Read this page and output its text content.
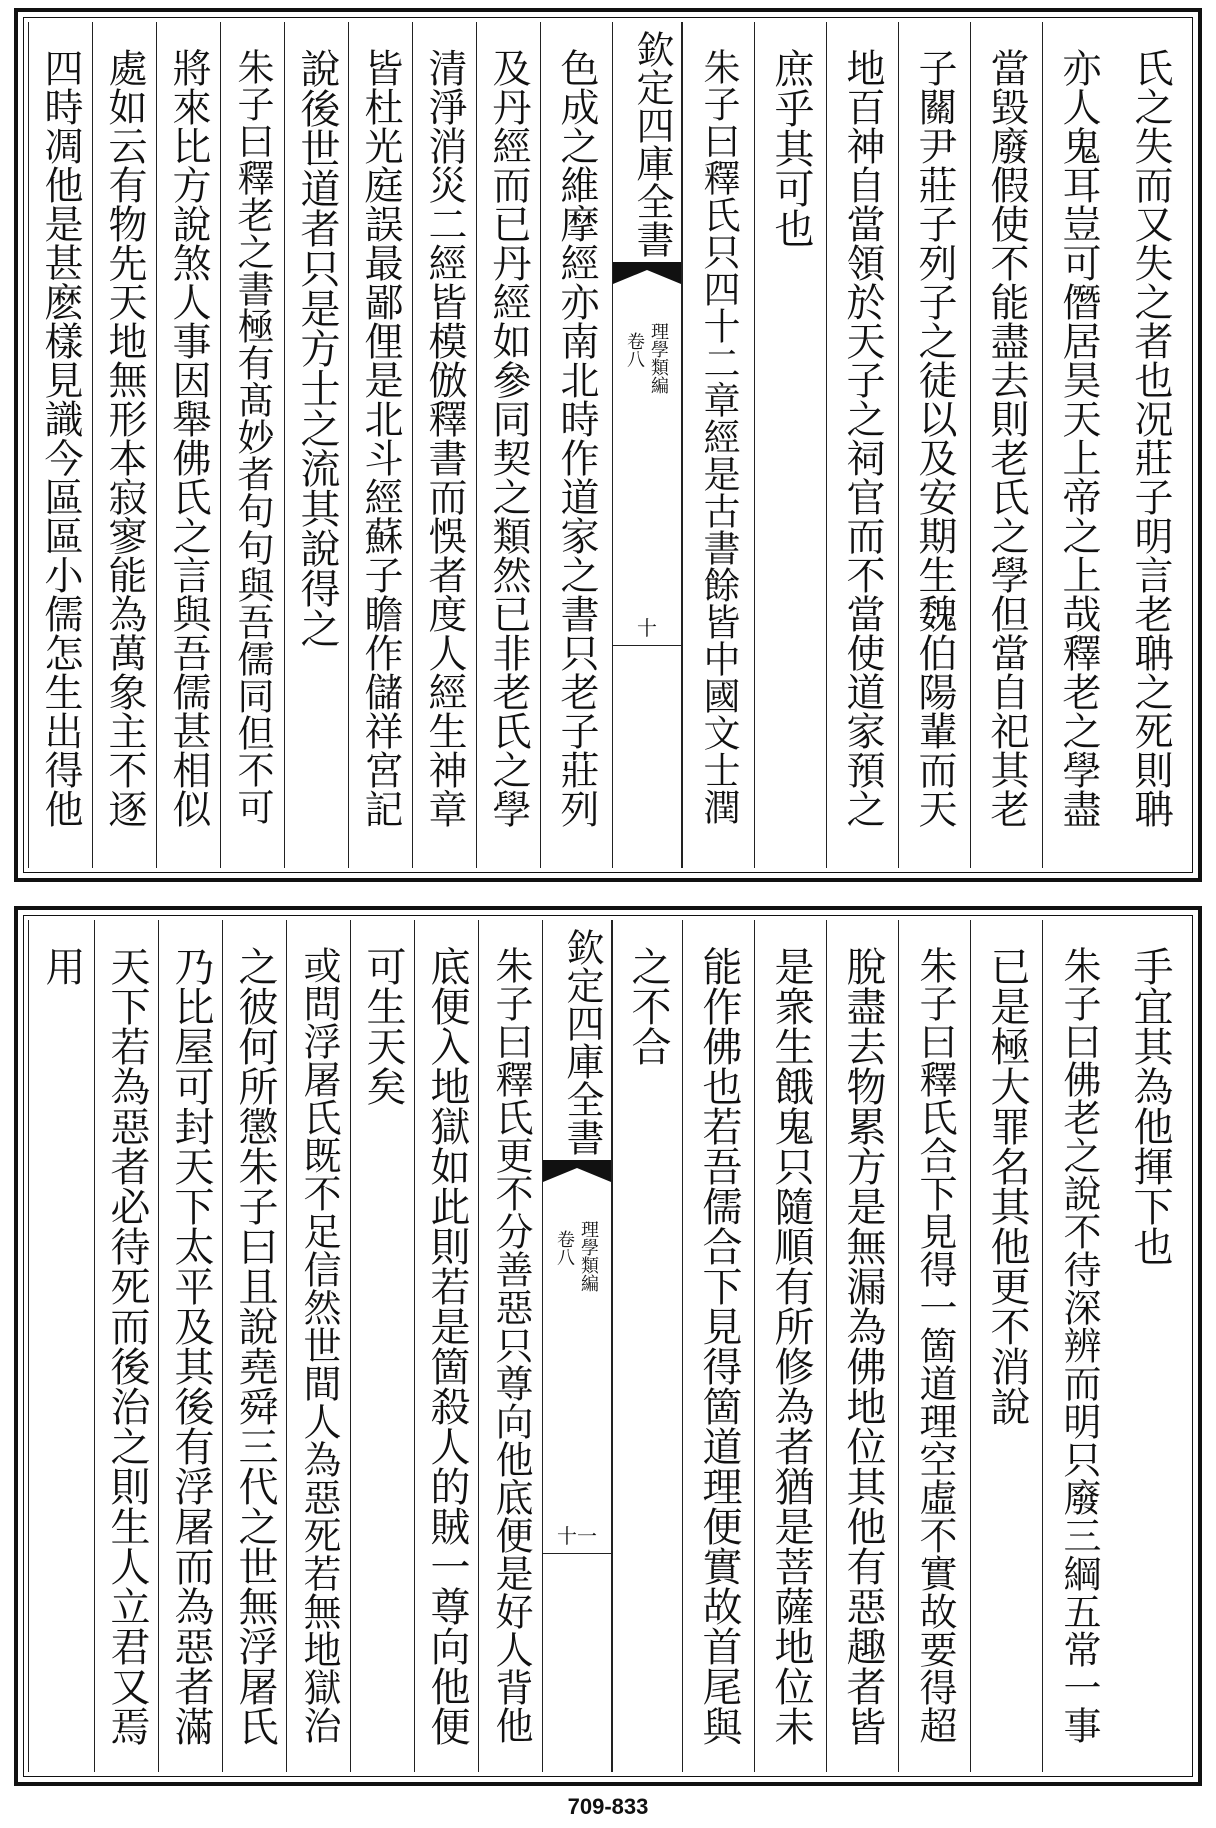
氏之失而又失之者也况莊子明言老聃之死則聃
亦人鬼耳豈可僭居昊天上帝之上哉釋老之學盡
當毀廢假使不能盡去則老氏之學但當自祀其老
子關尹莊子列子之徒以及安期生魏伯陽輩而天
地百神自當領於天子之祠官而不當使道家預之
庶乎其可也
朱子曰釋氏只四十二章經是古書餘皆中國文士潤
欽定四庫全書
理學類編
卷八
十
色成之維摩經亦南北時作道家之書只老子莊列
及丹經而已丹經如參同契之類然已非老氏之學
清淨消災二經皆模倣釋書而悞者度人經生神章
皆杜光庭誤最鄙俚是北斗經蘇子瞻作儲祥宮記
說後世道者只是方士之流其說得之
朱子曰釋老之書極有髙妙者句句與吾儒同但不可
將來比方說煞人事因舉佛氏之言與吾儒甚相似
處如云有物先天地無形本寂寥能為萬象主不逐
四時凋他是甚麽樣見識今區區小儒怎生出得他
手宜其為他揮下也
朱子曰佛老之說不待深辨而明只廢三綱五常一事
已是極大罪名其他更不消說
朱子曰釋氏合下見得一箇道理空虛不實故要得超
脫盡去物累方是無漏為佛地位其他有惡趣者皆
是衆生餓鬼只隨順有所修為者猶是菩薩地位未
能作佛也若吾儒合下見得箇道理便實故首尾與
之不合
欽定四庫全書
理學類編
卷八
十一
朱子曰釋氏更不分善惡只尊向他底便是好人背他
底便入地獄如此則若是箇殺人的賊一尊向他便
可生天矣
或問浮屠氏既不足信然世間人為惡死若無地獄治
之彼何所懲朱子曰且說堯舜三代之世無浮屠氏
乃比屋可封天下太平及其後有浮屠而為惡者滿
天下若為惡者必待死而後治之則生人立君又焉
用
709-833
